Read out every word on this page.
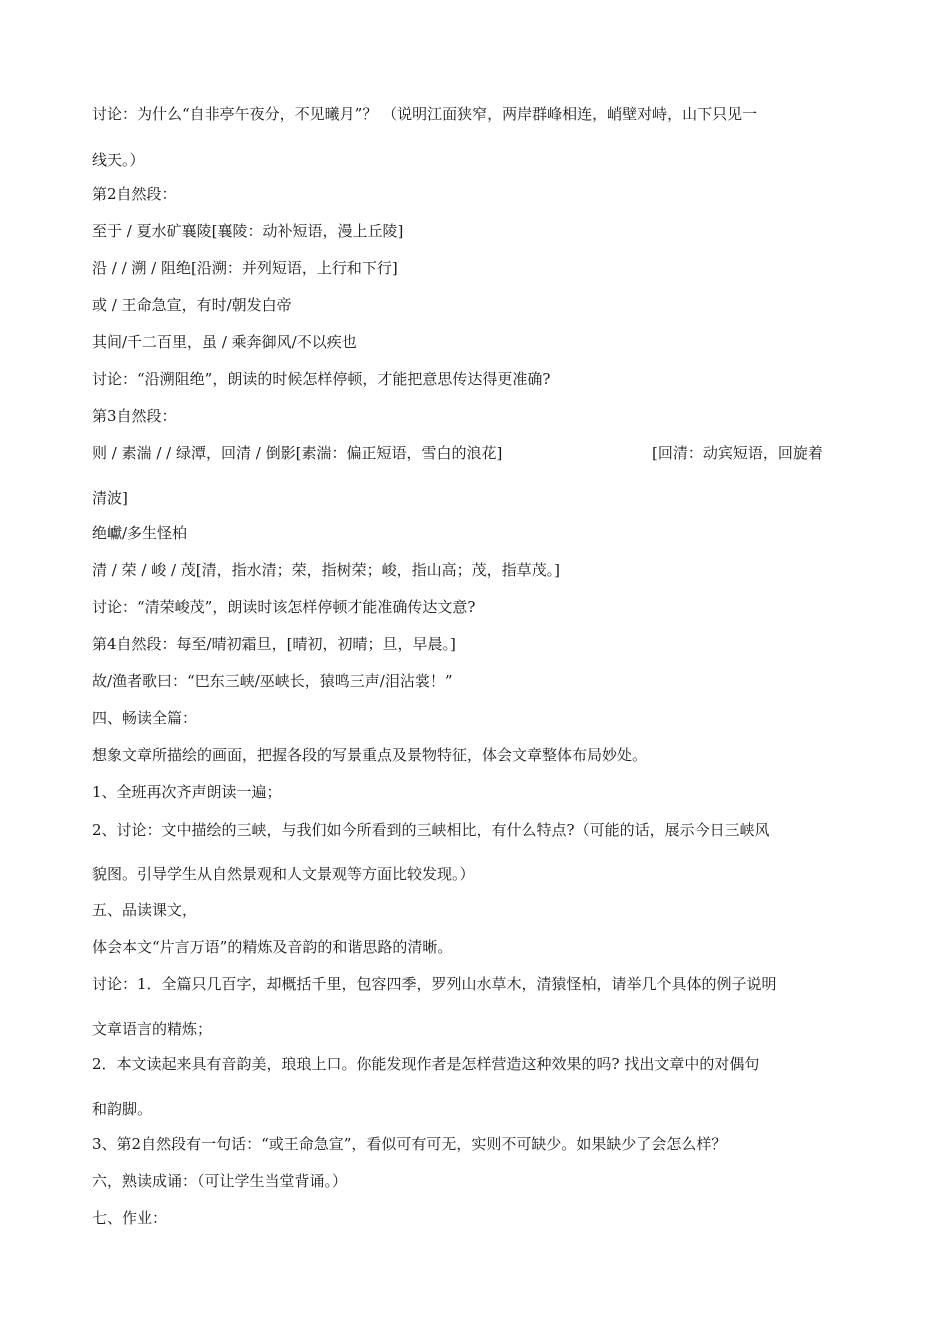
讨论：为什么“自非亭午夜分，不见曦月”？ （说明江面狭窄，两岸群峰相连，峭壁对峙，山下只见一
线天。）
第2自然段：
至于 / 夏水矿襄陵[襄陵：动补短语，漫上丘陵]
沿 / / 溯 / 阻绝[沿溯：并列短语，上行和下行]
或 / 王命急宣，有时/朝发白帝
其间/千二百里，虽 / 乘奔御风/不以疾也
讨论：“沿溯阻绝”，朗读的时候怎样停顿，才能把意思传达得更准确?
第3自然段：
则 / 素湍 / / 绿潭，回清 / 倒影[素湍：偏正短语，雪白的浪花]	[回清：动宾短语，回旋着
清波]
绝巘/多生怪柏
清 / 荣 / 峻 / 茂[清，指水清；荣，指树荣；峻，指山高；茂，指草茂。]
讨论：“清荣峻茂”，朗读时该怎样停顿才能准确传达文意?
第4自然段：每至/晴初霜旦，[晴初，初晴；旦，早晨。]
故/渔者歌曰：“巴东三峡/巫峡长，猿鸣三声/泪沾裳！”
四、畅读全篇：
想象文章所描绘的画面，把握各段的写景重点及景物特征，体会文章整体布局妙处。
1、全班再次齐声朗读一遍；
2、讨论：文中描绘的三峡，与我们如今所看到的三峡相比，有什么特点?（可能的话，展示今日三峡风
貌图。引导学生从自然景观和人文景观等方面比较发现。）
五、品读课文，
体会本文“片言万语”的精炼及音韵的和谐思路的清晰。
讨论：1．全篇只几百字，却概括千里，包容四季，罗列山水草木，清猿怪柏，请举几个具体的例子说明
文章语言的精炼；
2．本文读起来具有音韵美，琅琅上口。你能发现作者是怎样营造这种效果的吗? 找出文章中的对偶句
和韵脚。
3、第2自然段有一句话：“或王命急宣”，看似可有可无，实则不可缺少。如果缺少了会怎么样？
六，熟读成诵：（可让学生当堂背诵。）
七、作业：
